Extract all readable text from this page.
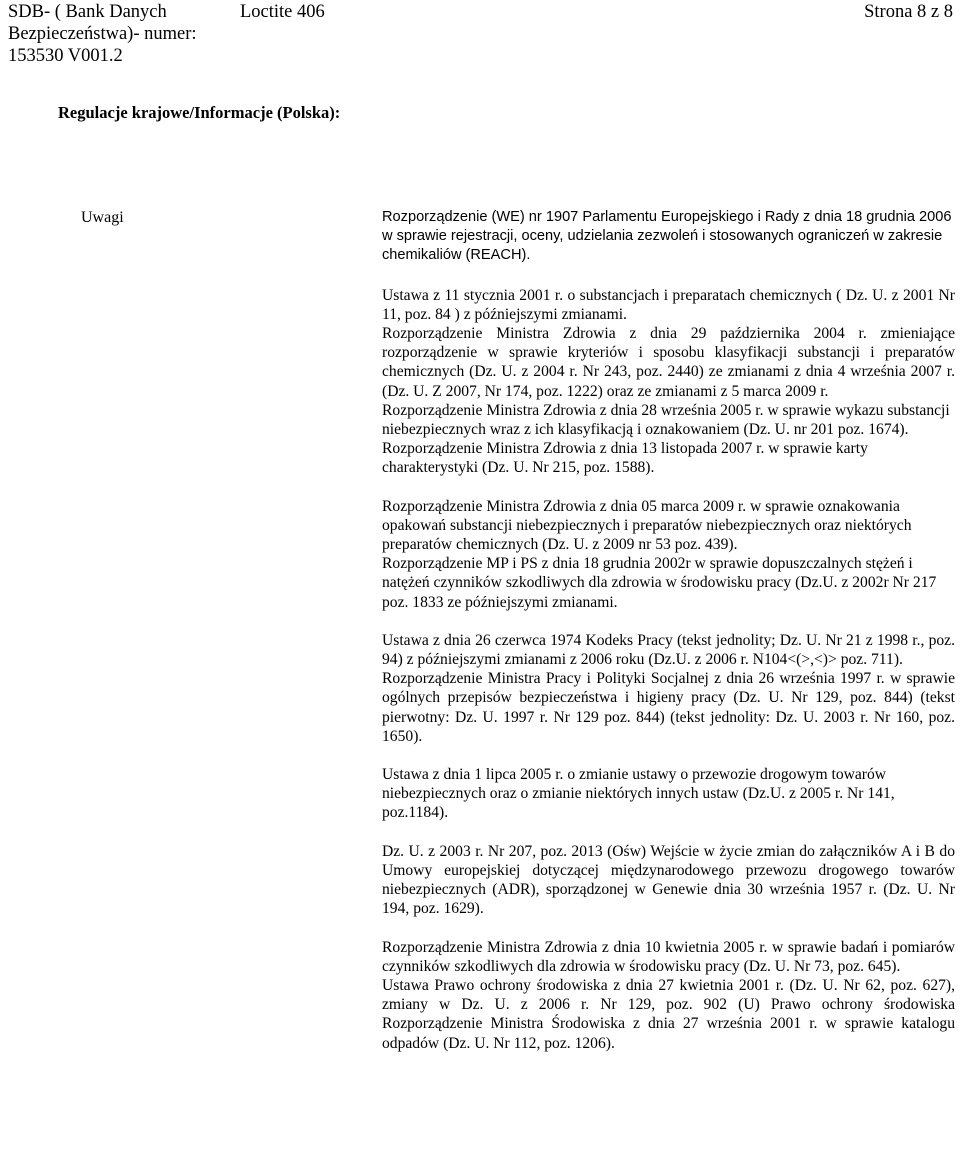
SDB- ( Bank Danych
Bezpieczeństwa)- numer:
153530 V001.2
Loctite 406	Strona 8 z 8
Regulacje krajowe/Informacje (Polska):
Uwagi	Rozporządzenie (WE) nr 1907 Parlamentu Europejskiego i Rady z dnia 18 grudnia 2006 w sprawie rejestracji, oceny, udzielania zezwoleń i stosowanych ograniczeń w zakresie chemikaliów (REACH).

Ustawa z 11 stycznia 2001 r. o substancjach i preparatach chemicznych ( Dz. U. z 2001 Nr 11, poz. 84 ) z późniejszymi zmianami.

Rozporządzenie Ministra Zdrowia z dnia 29 października 2004 r. zmieniające rozporządzenie w sprawie kryteriów i sposobu klasyfikacji substancji i preparatów chemicznych (Dz. U. z 2004 r. Nr 243, poz. 2440) ze zmianami z dnia 4 września 2007 r. (Dz. U. Z 2007, Nr 174, poz. 1222) oraz ze zmianami z 5 marca 2009 r.

Rozporządzenie Ministra Zdrowia z dnia 28 września 2005 r. w sprawie wykazu substancji niebezpiecznych wraz z ich klasyfikacją i oznakowaniem (Dz. U. nr 201 poz. 1674).

Rozporządzenie Ministra Zdrowia z dnia 13 listopada 2007 r. w sprawie karty charakterystyki (Dz. U. Nr 215, poz. 1588).

Rozporządzenie Ministra Zdrowia z dnia 05 marca 2009 r. w sprawie oznakowania opakowań substancji niebezpiecznych i preparatów niebezpiecznych oraz niektórych preparatów chemicznych (Dz. U. z 2009 nr 53 poz. 439).

Rozporządzenie MP i PS z dnia 18 grudnia 2002r w sprawie dopuszczalnych stężeń i natężeń czynników szkodliwych dla zdrowia w środowisku pracy (Dz.U. z 2002r Nr 217 poz. 1833 ze późniejszymi zmianami.

Ustawa z dnia 26 czerwca 1974 Kodeks Pracy (tekst jednolity; Dz. U. Nr 21 z 1998 r., poz. 94) z późniejszymi zmianami z 2006 roku (Dz.U. z 2006 r. N104<(>,<)> poz. 711).

Rozporządzenie Ministra Pracy i Polityki Socjalnej z dnia 26 września 1997 r. w sprawie ogólnych przepisów bezpieczeństwa i higieny pracy (Dz. U. Nr 129, poz. 844) (tekst pierwotny: Dz. U. 1997 r. Nr 129 poz. 844) (tekst jednolity: Dz. U. 2003 r. Nr 160, poz. 1650).

Ustawa z dnia 1 lipca 2005 r. o zmianie ustawy o przewozie drogowym towarów

niebezpiecznych oraz o zmianie niektórych innych ustaw (Dz.U. z 2005 r. Nr 141, poz.1184).

Dz. U. z 2003 r. Nr 207, poz. 2013 (Ośw) Wejście w życie zmian do załączników A i B do Umowy europejskiej dotyczącej międzynarodowego przewozu drogowego towarów niebezpiecznych (ADR), sporządzonej w Genewie dnia 30 września 1957 r. (Dz. U. Nr 194, poz. 1629).

Rozporządzenie Ministra Zdrowia z dnia 10 kwietnia 2005 r. w sprawie badań i pomiarów czynników szkodliwych dla zdrowia w środowisku pracy (Dz. U. Nr 73, poz. 645).

Ustawa Prawo ochrony środowiska z dnia 27 kwietnia 2001 r. (Dz. U. Nr 62, poz. 627), zmiany w Dz. U. z 2006 r. Nr 129, poz. 902 (U) Prawo ochrony środowiska Rozporządzenie Ministra Środowiska z dnia 27 września 2001 r. w sprawie katalogu odpadów (Dz. U. Nr 112, poz. 1206).
